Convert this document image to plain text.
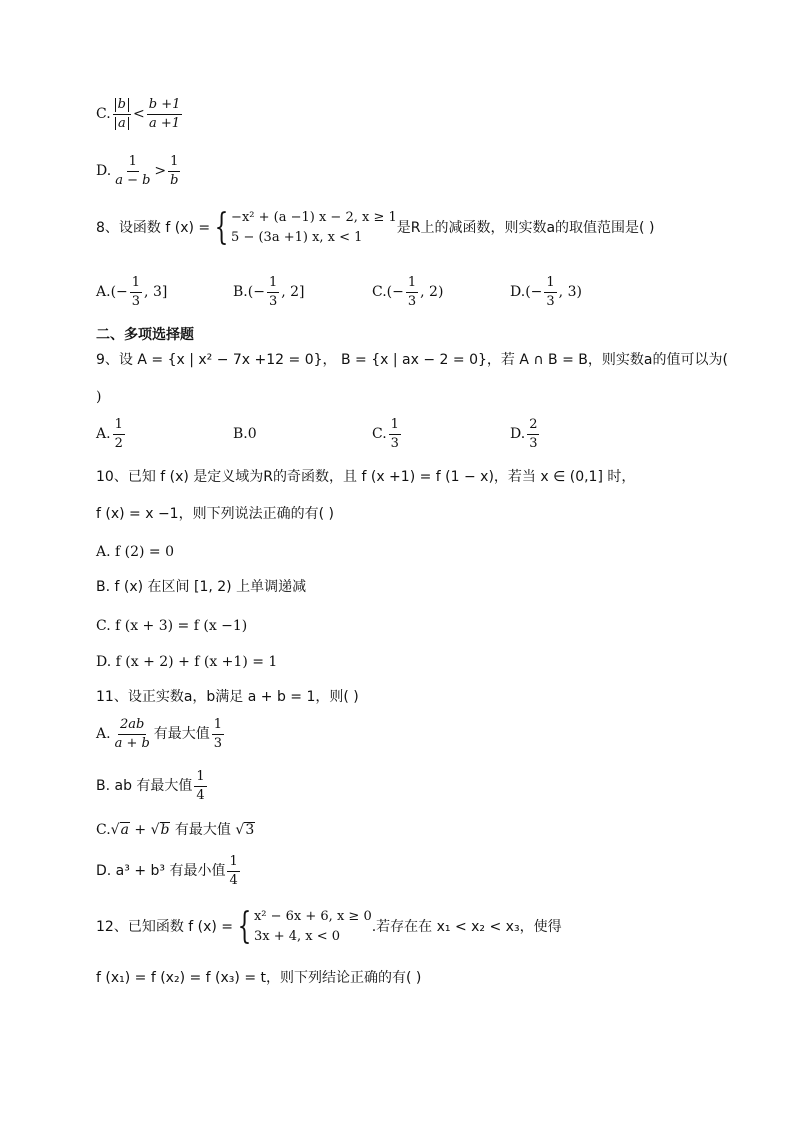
C.
b
a
<
b +1
a +1
D.
1
a − b
>
1
b
8、设函数 f (x) = { −x² + (a −1) x − 2, x ≥ 1
5 − (3a +1) x, x < 1
是R上的减函数，则实数a的取值范围是( )
A. (− $\frac{1}{3}$ , 3]	B. (− $\frac{1}{3}$ , 2]	C. (− $\frac{1}{3}$ , 2)	D. (− $\frac{1}{3}$ , 3)
二、多项选择题
9、设 A = {x | x² − 7x +12 = 0}， B = {x | ax − 2 = 0}，若 A ∩ B = B，则实数a的值可以为(
)
A.
1
2
B. 0	C.
1
3
D.
2
3
10、已知 f (x) 是定义域为R的奇函数，且 f (x +1) = f (1 − x)，若当 x ∈ (0,1] 时，
f (x) = x −1，则下列说法正确的有( )
A. f (2) = 0
B. f (x) 在区间 [1, 2) 上单调递减
C. f (x + 3) = f (x −1)
D. f (x + 2) + f (x +1) = 1
11、设正实数a，b满足 a + b = 1，则( )
A.
2ab
a + b
有最大值
1
3
B. ab 有最大值
1
4
C. √ a + √ b 有最大值 √ 3
D. a³ + b³ 有最小值
1
4
12、已知函数 f (x) = { x² − 6x + 6, x ≥ 0
3x + 4, x < 0
.若存在在 x₁ < x₂ < x₃，使得
f (x₁) = f (x₂) = f (x₃) = t，则下列结论正确的有( )
